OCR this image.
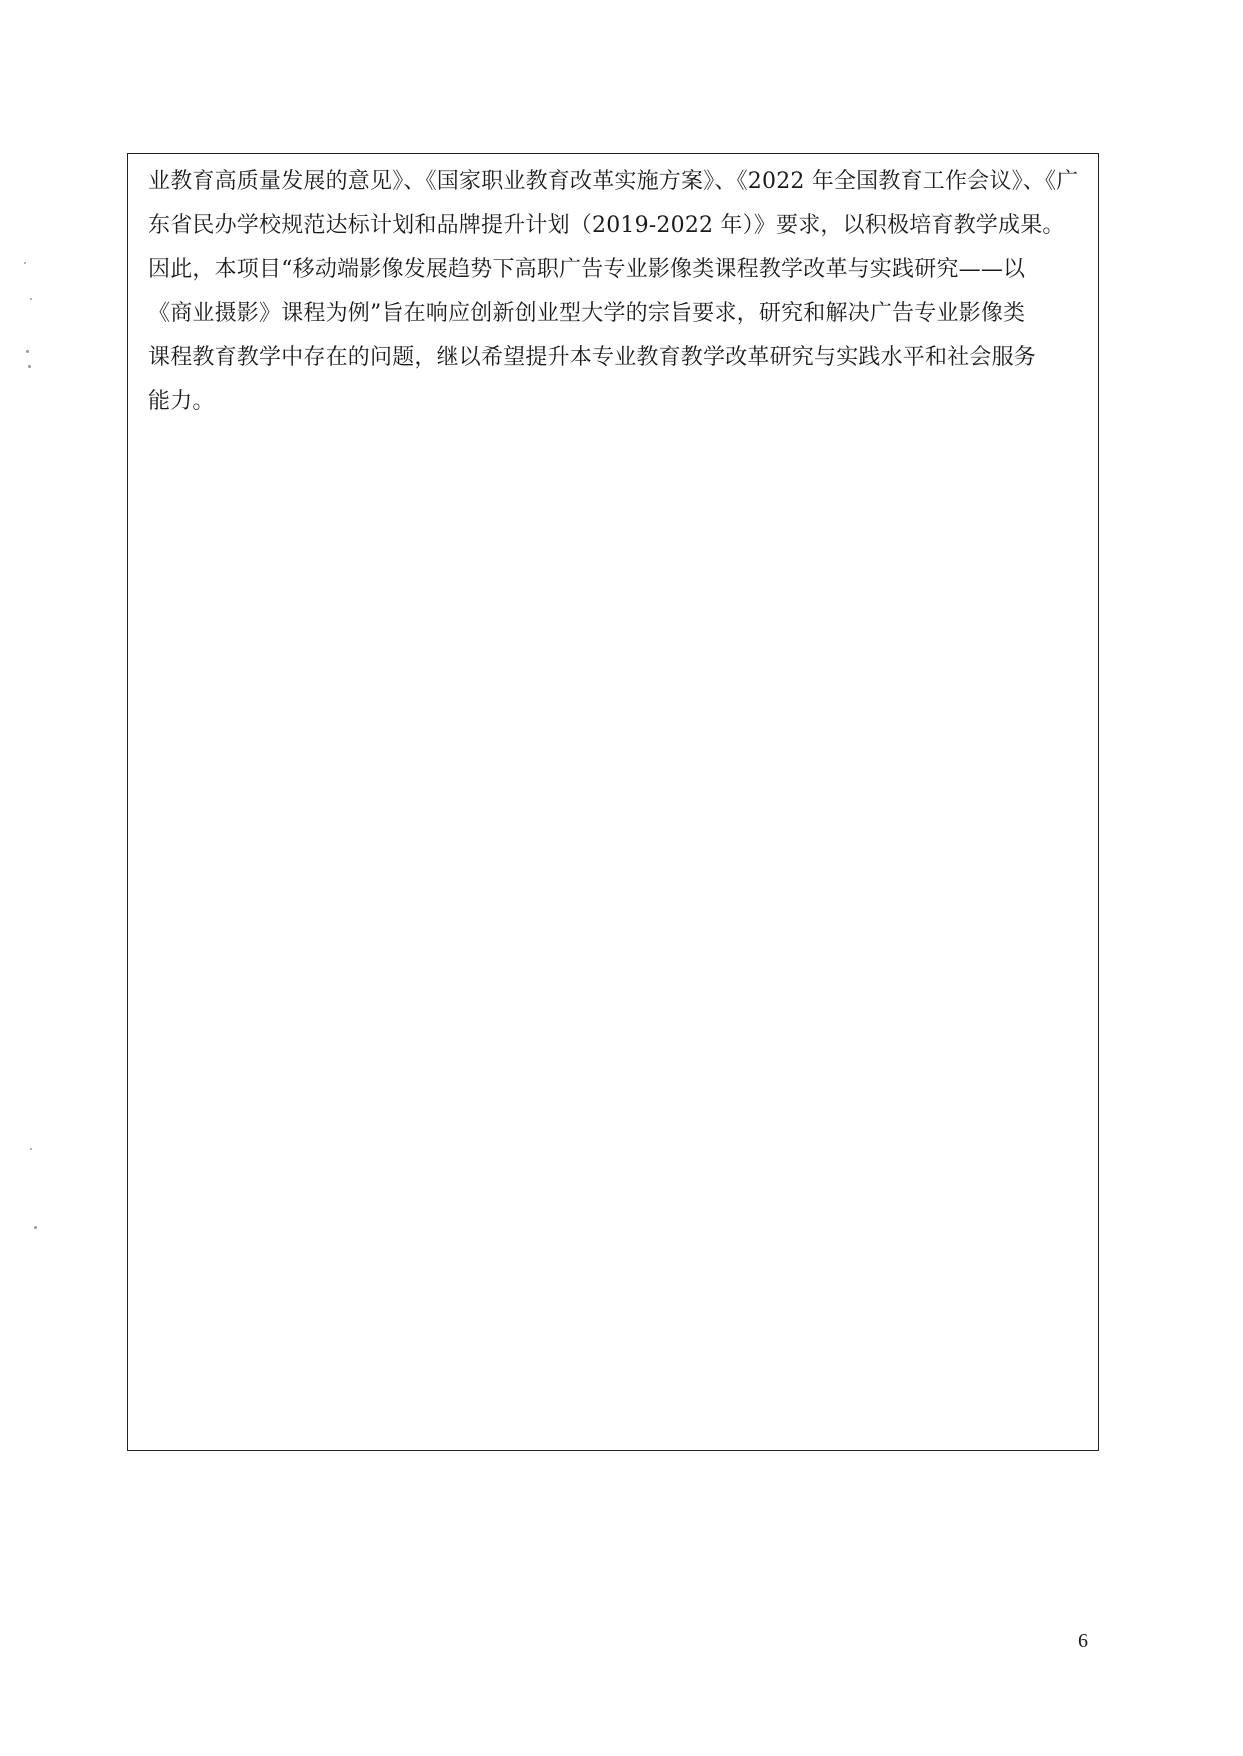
业教育高质量发展的意见》、《国家职业教育改革实施方案》、《2022 年全国教育工作会议》、《广
东省民办学校规范达标计划和品牌提升计划（2019-2022 年）》要求，以积极培育教学成果。
因此，本项目“移动端影像发展趋势下高职广告专业影像类课程教学改革与实践研究——以
《商业摄影》课程为例”旨在响应创新创业型大学的宗旨要求，研究和解决广告专业影像类
课程教育教学中存在的问题，继以希望提升本专业教育教学改革研究与实践水平和社会服务
能力。
6
